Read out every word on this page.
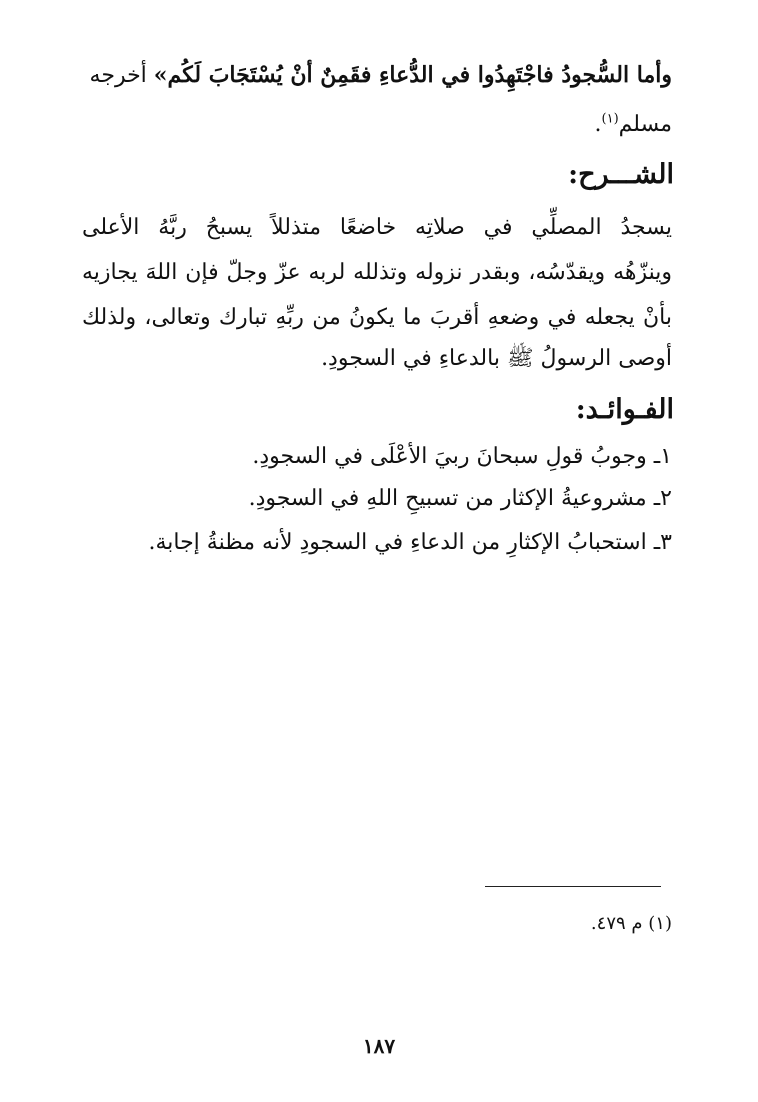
وأما السُّجودُ فاجْتَهِدُوا في الدُّعاءِ فقَمِنٌ أنْ يُسْتَجَابَ لَكُم» أخرجه
مسلم$^{(١)}$.
الشـــرح:
يسجدُ المصلِّي في صلاتِه خاضعًا متذللاً يسبحُ ربَّهُ الأعلى
وينزّهُه ويقدّسُه، وبقدر نزوله وتذلله لربه عزّ وجلّ فإن اللهَ يجازيه
بأنْ يجعله في وضعهِ أقربَ ما يكونُ من ربِّهِ تبارك وتعالى، ولذلك
أوصى الرسولُ ﷺ بالدعاءِ في السجودِ.
الفـوائـد:
١ـ وجوبُ قولِ سبحانَ ربيَ الأعْلَى في السجودِ.
٢ـ مشروعيةُ الإكثار من تسبيحِ اللهِ في السجودِ.
٣ـ استحبابُ الإكثارِ من الدعاءِ في السجودِ لأنه مظنةُ إجابة.
(١) م ٤٧٩.
١٨٧
